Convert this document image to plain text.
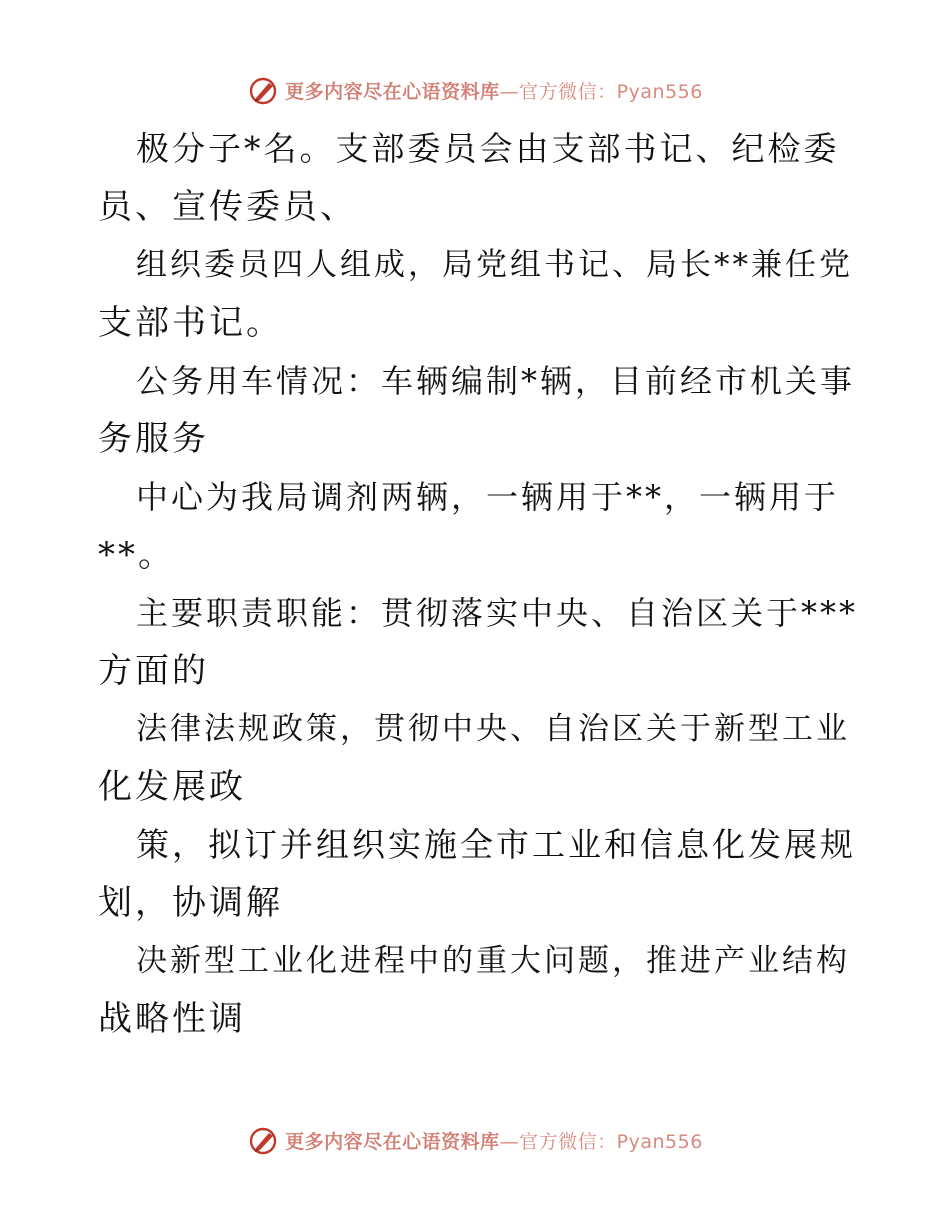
更多内容尽在心语资料库—官方微信：Pyan556
极分子*名。支部委员会由支部书记、纪检委
员、宣传委员、
组织委员四人组成，局党组书记、局长**兼任党
支部书记。
公务用车情况：车辆编制*辆，目前经市机关事
务服务
中心为我局调剂两辆，一辆用于**，一辆用于
**。
主要职责职能：贯彻落实中央、自治区关于***
方面的
法律法规政策，贯彻中央、自治区关于新型工业
化发展政
策，拟订并组织实施全市工业和信息化发展规
划，协调解
决新型工业化进程中的重大问题，推进产业结构
战略性调
更多内容尽在心语资料库—官方微信：Pyan556
